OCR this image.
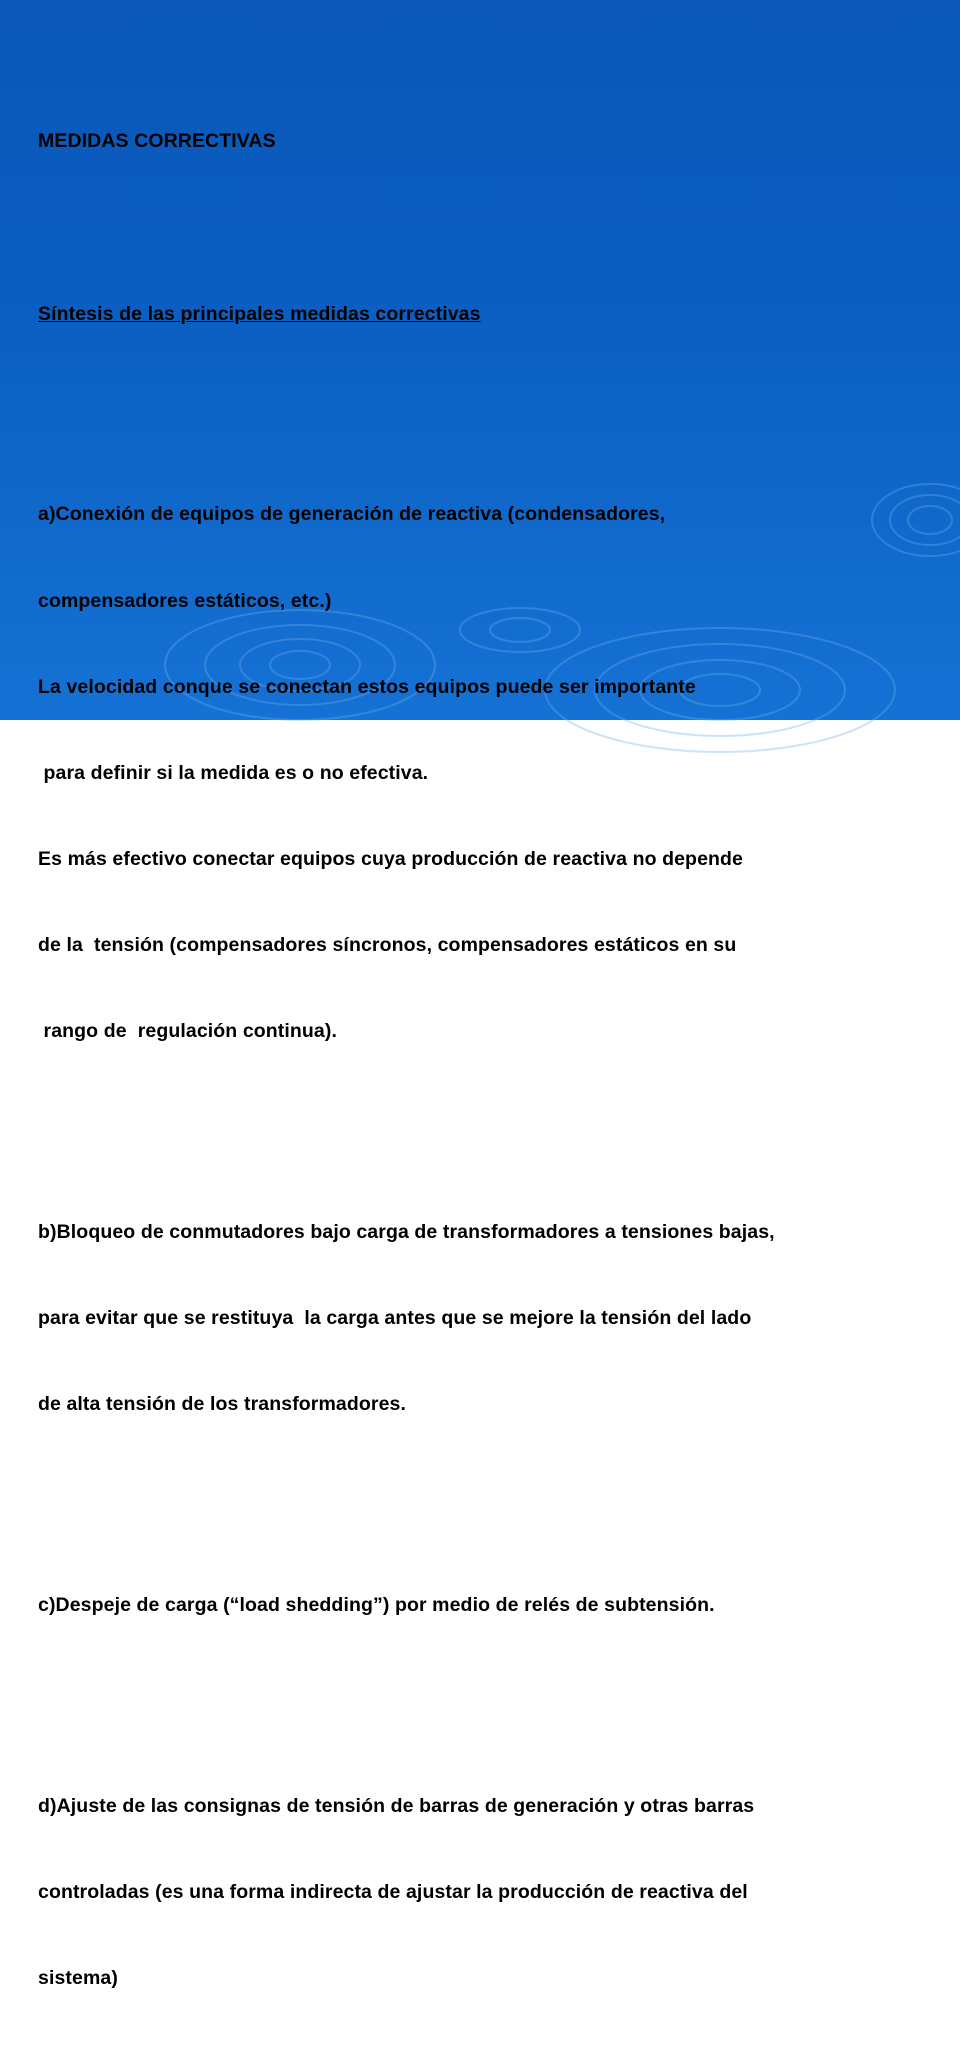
MEDIDAS CORRECTIVAS

Síntesis de las principales medidas correctivas

a)Conexión de equipos de generación de reactiva (condensadores,

compensadores estáticos, etc.)

La velocidad conque se conectan estos equipos puede ser importante

para definir si la medida es o no efectiva.

Es más efectivo conectar equipos cuya producción de reactiva no depende

de la  tensión (compensadores síncronos, compensadores estáticos en su

rango de  regulación continua).

b)Bloqueo de conmutadores bajo carga de transformadores a tensiones bajas,

para evitar que se restituya  la carga antes que se mejore la tensión del lado

de alta tensión de los transformadores.

c)Despeje de carga (“load shedding”) por medio de relés de subtensión.

d)Ajuste de las consignas de tensión de barras de generación y otras barras

controladas (es una forma indirecta de ajustar la producción de reactiva del

sistema)
